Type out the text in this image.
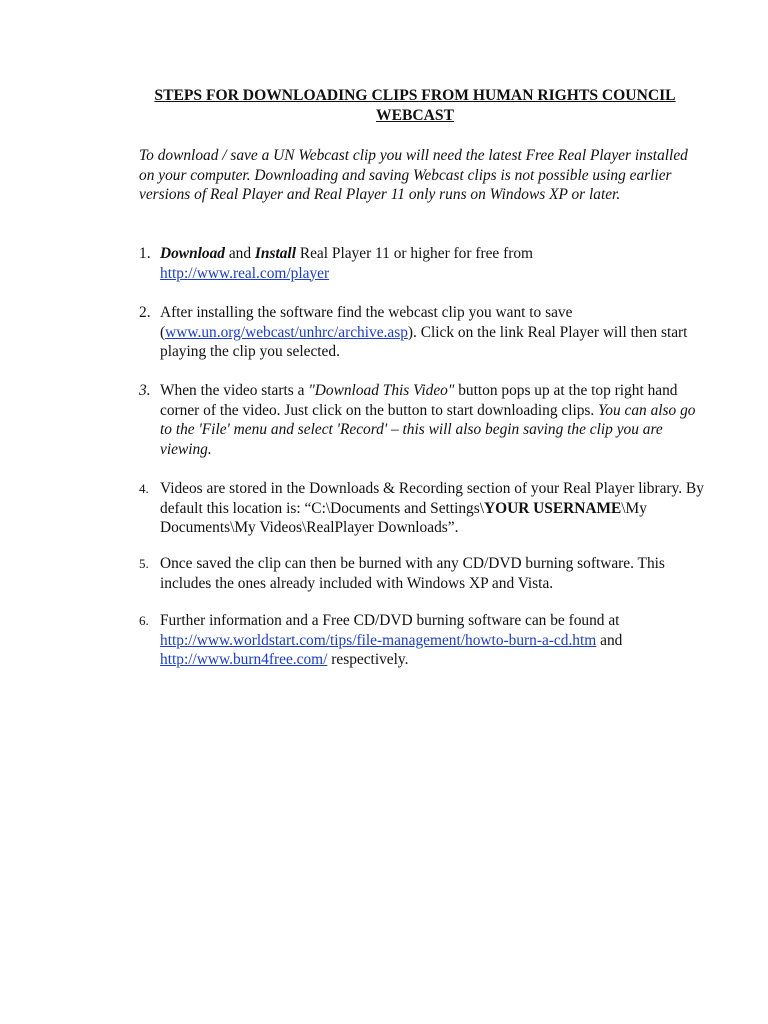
STEPS FOR DOWNLOADING CLIPS FROM HUMAN RIGHTS COUNCIL WEBCAST
To download / save a UN Webcast clip you will need the latest Free Real Player installed on your computer. Downloading and saving Webcast clips is not possible using earlier versions of Real Player and Real Player 11 only runs on Windows XP or later.
1. Download and Install Real Player 11 or higher for free from
http://www.real.com/player
2. After installing the software find the webcast clip you want to save (www.un.org/webcast/unhrc/archive.asp). Click on the link Real Player will then start playing the clip you selected.
3. When the video starts a "Download This Video" button pops up at the top right hand corner of the video. Just click on the button to start downloading clips. You can also go to the 'File' menu and select 'Record' – this will also begin saving the clip you are viewing.
4. Videos are stored in the Downloads & Recording section of your Real Player library. By default this location is: “C:\Documents and Settings\YOUR USERNAME\My Documents\My Videos\RealPlayer Downloads”.
5. Once saved the clip can then be burned with any CD/DVD burning software. This includes the ones already included with Windows XP and Vista.
6. Further information and a Free CD/DVD burning software can be found at http://www.worldstart.com/tips/file-management/howto-burn-a-cd.htm and
http://www.burn4free.com/ respectively.
